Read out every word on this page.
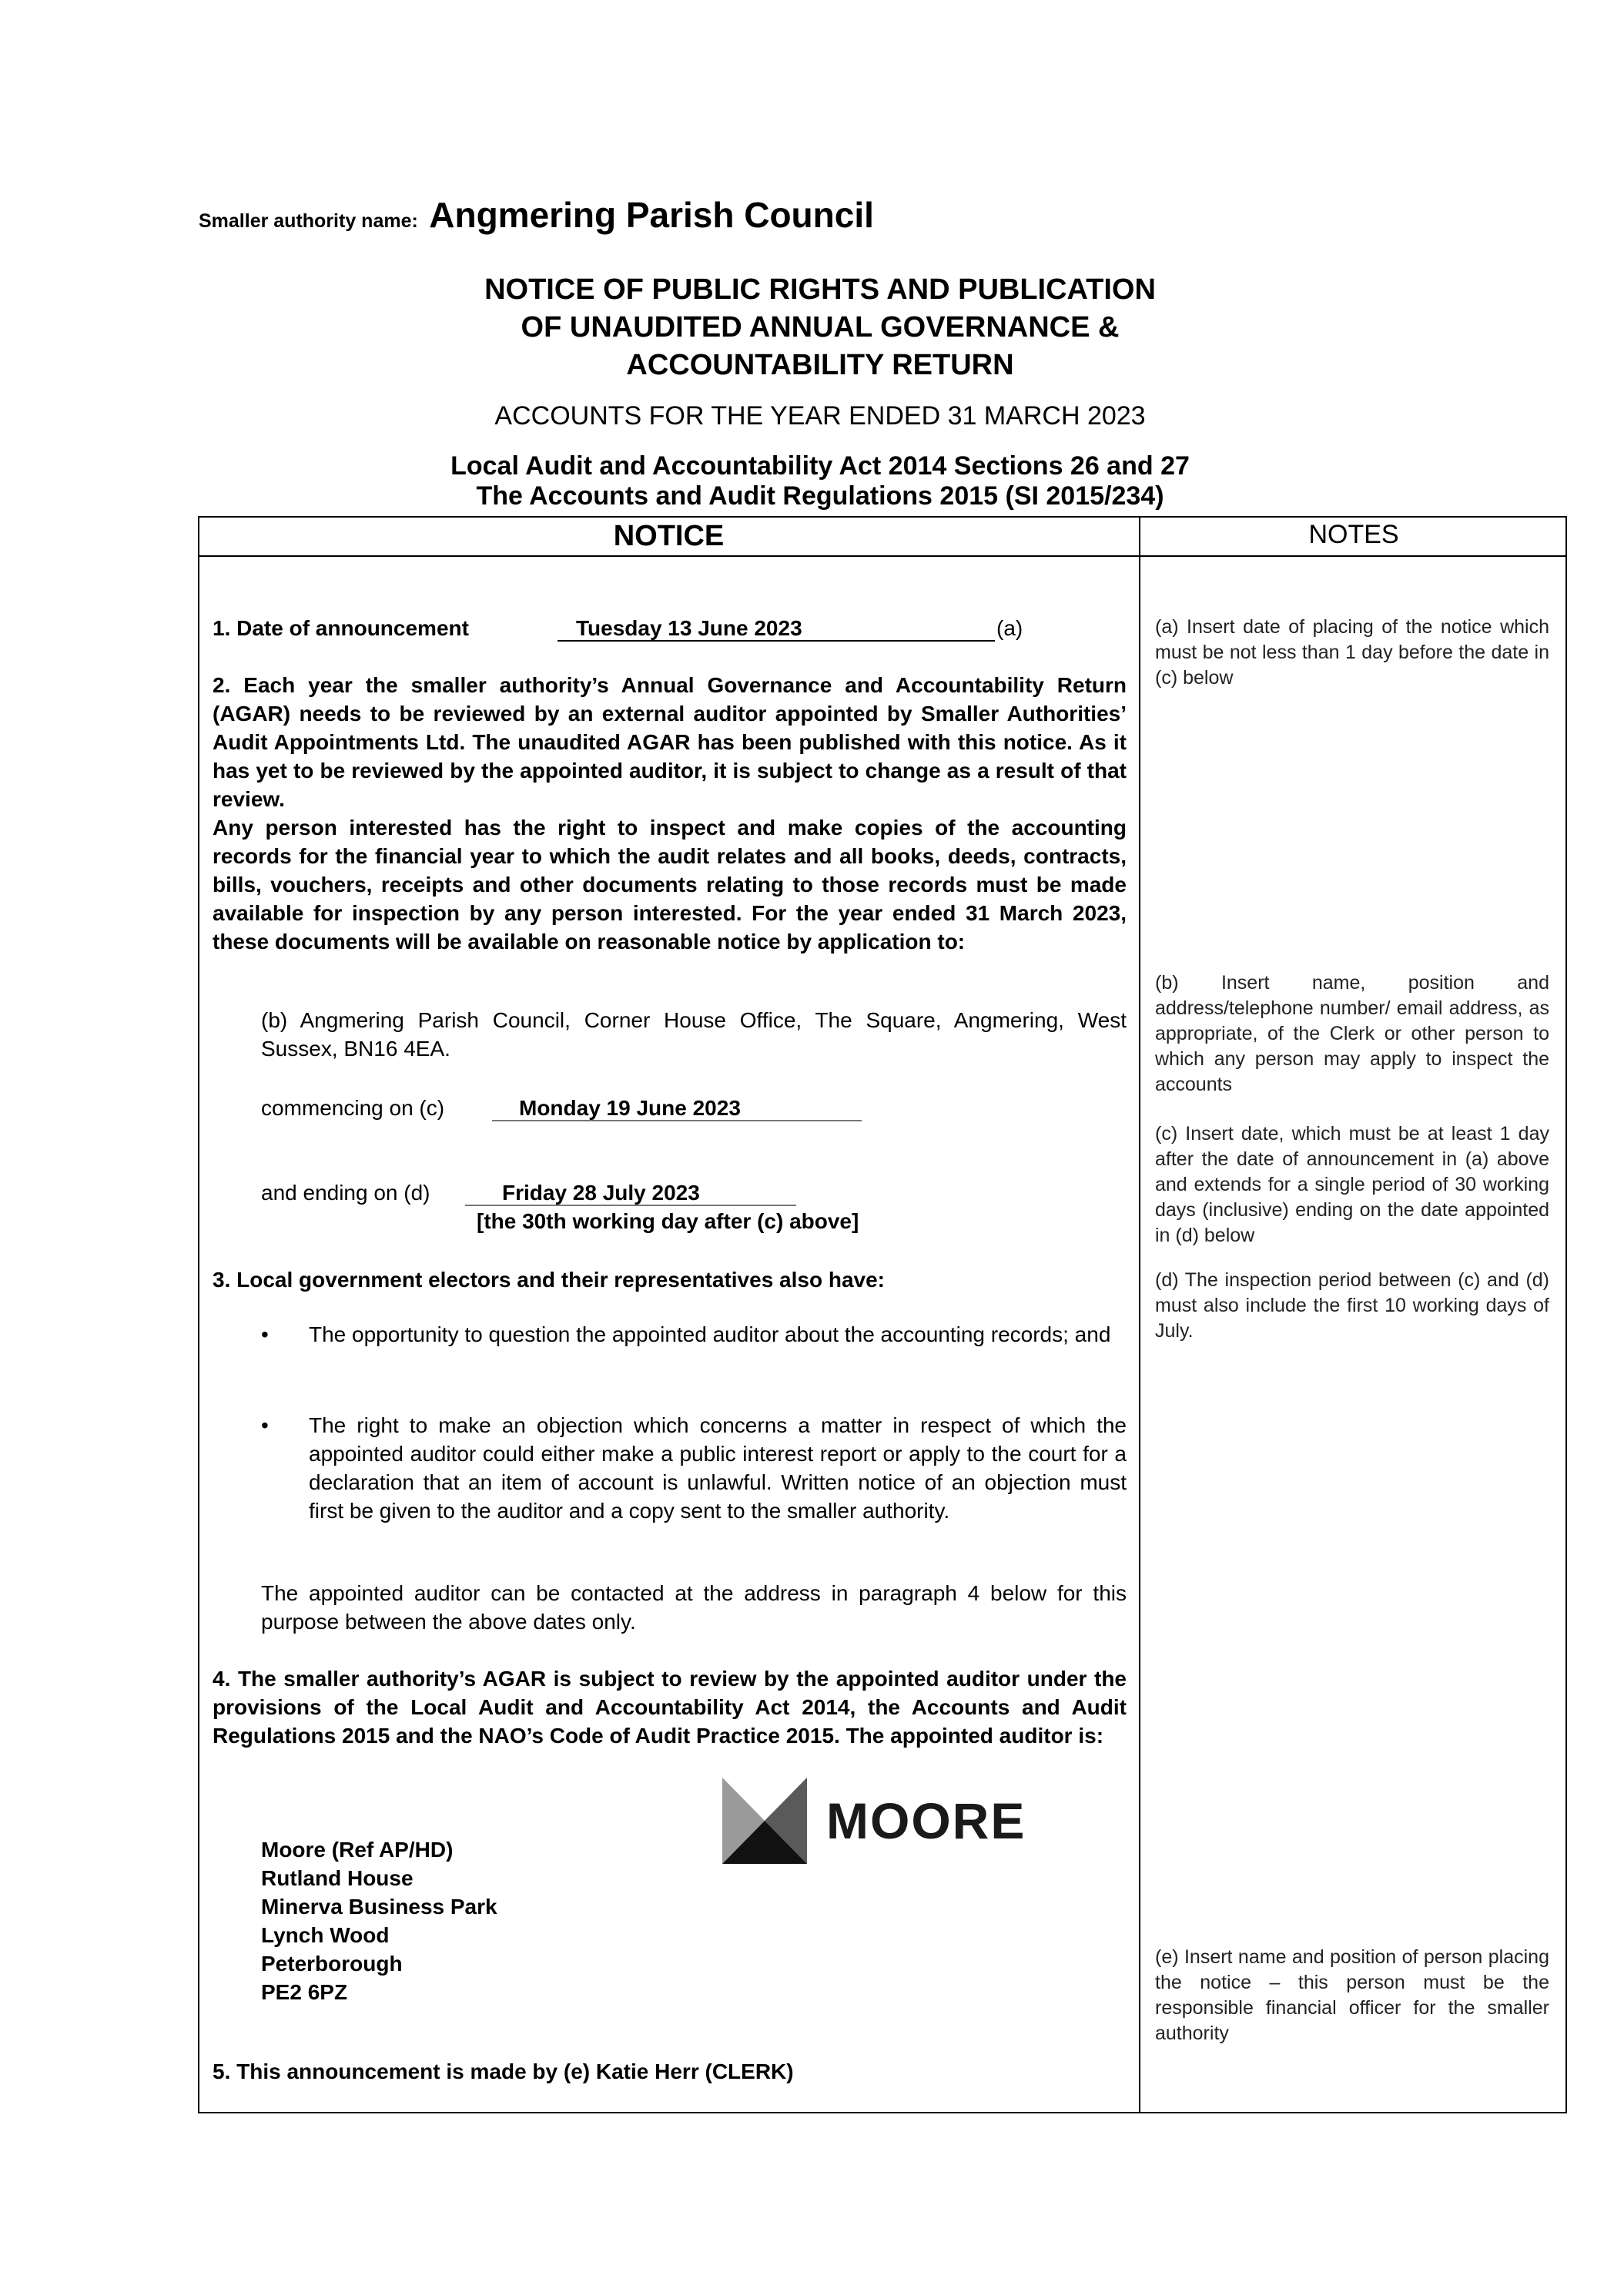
Smaller authority name: Angmering Parish Council
NOTICE OF PUBLIC RIGHTS AND PUBLICATION
OF UNAUDITED ANNUAL GOVERNANCE &
ACCOUNTABILITY RETURN
ACCOUNTS FOR THE YEAR ENDED 31 MARCH 2023
Local Audit and Accountability Act 2014 Sections 26 and 27
The Accounts and Audit Regulations 2015 (SI 2015/234)
NOTICE	NOTES
1. Date of announcement	Tuesday 13 June 2023	(a)
2. Each year the smaller authority’s Annual Governance and Accountability Return (AGAR) needs to be reviewed by an external auditor appointed by Smaller Authorities’ Audit Appointments Ltd. The unaudited AGAR has been published with this notice. As it has yet to be reviewed by the appointed auditor, it is subject to change as a result of that review.
Any person interested has the right to inspect and make copies of the accounting records for the financial year to which the audit relates and all books, deeds, contracts, bills, vouchers, receipts and other documents relating to those records must be made available for inspection by any person interested. For the year ended 31 March 2023, these documents will be available on reasonable notice by application to:
(b) Angmering Parish Council, Corner House Office, The Square, Angmering, West Sussex, BN16 4EA.
commencing on (c)	Monday 19 June 2023
and ending on (d)	Friday 28 July 2023
[the 30th working day after (c) above]
3. Local government electors and their representatives also have:
• The opportunity to question the appointed auditor about the accounting records; and
• The right to make an objection which concerns a matter in respect of which the appointed auditor could either make a public interest report or apply to the court for a declaration that an item of account is unlawful. Written notice of an objection must first be given to the auditor and a copy sent to the smaller authority.
The appointed auditor can be contacted at the address in paragraph 4 below for this purpose between the above dates only.
4. The smaller authority’s AGAR is subject to review by the appointed auditor under the provisions of the Local Audit and Accountability Act 2014, the Accounts and Audit Regulations 2015 and the NAO’s Code of Audit Practice 2015. The appointed auditor is:
MOORE
Moore (Ref AP/HD)
Rutland House
Minerva Business Park
Lynch Wood
Peterborough
PE2 6PZ
5. This announcement is made by (e) Katie Herr (CLERK)
(a) Insert date of placing of the notice which must be not less than 1 day before the date in (c) below
(b) Insert name, position and address/telephone number/ email address, as appropriate, of the Clerk or other person to which any person may apply to inspect the accounts
(c) Insert date, which must be at least 1 day after the date of announcement in (a) above and extends for a single period of 30 working days (inclusive) ending on the date appointed in (d) below
(d) The inspection period between (c) and (d) must also include the first 10 working days of July.
(e) Insert name and position of person placing the notice – this person must be the responsible financial officer for the smaller authority
